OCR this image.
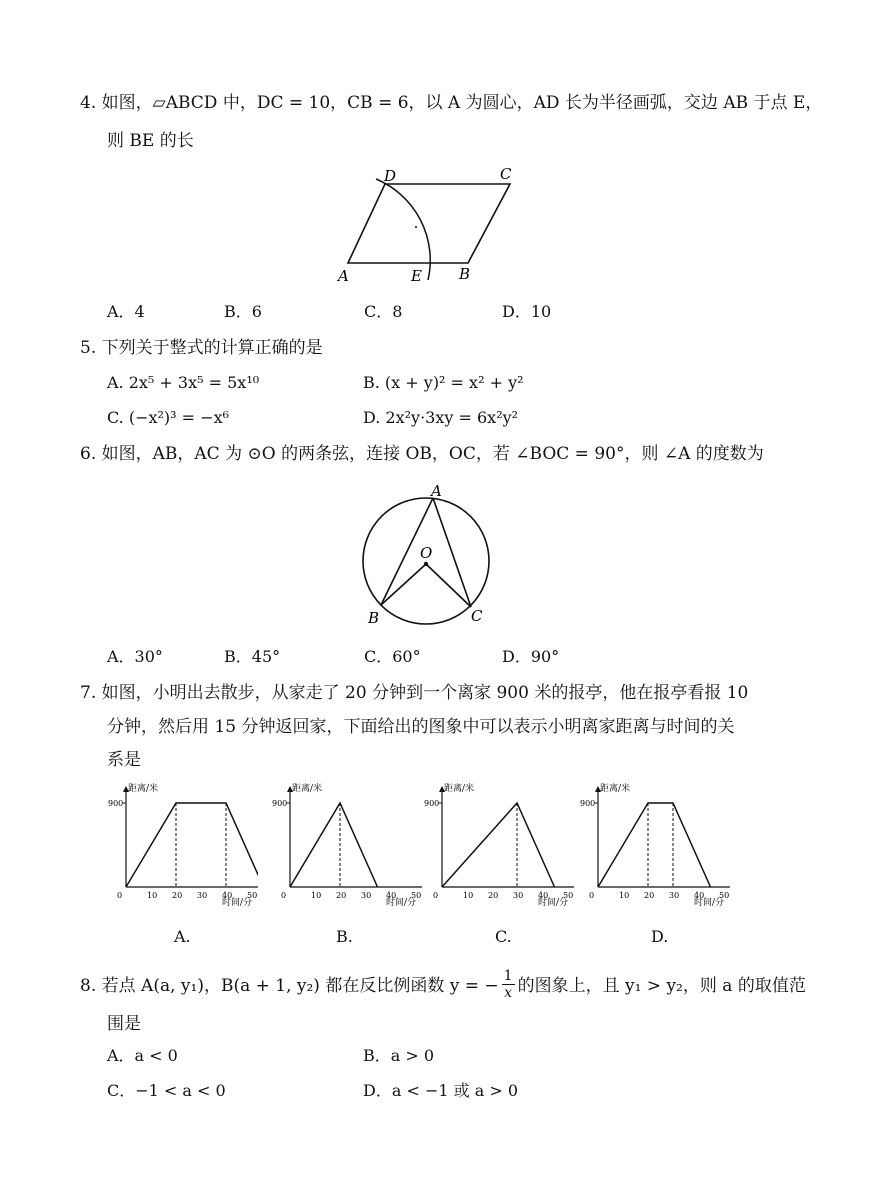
4. 如图，▱ABCD 中，DC = 10，CB = 6，以 A 为圆心，AD 长为半径画弧，交边 AB 于点 E，
则 BE 的长
D	C
A	E B
A．4	B．6	C．8	D．10
5. 下列关于整式的计算正确的是
A. 2x⁵ + 3x⁵ = 5x¹⁰	B. (x + y)² = x² + y²
C. (−x²)³ = −x⁶	D. 2x²y·3xy = 6x²y²
6. 如图，AB，AC 为 ⊙O 的两条弦，连接 OB，OC，若 ∠BOC = 90°，则 ∠A 的度数为
A
O
B	C
A．30°	B．45°	C．60°	D．90°
7. 如图，小明出去散步，从家走了 20 分钟到一个离家 900 米的报亭，他在报亭看报 10
分钟，然后用 15 分钟返回家，下面给出的图象中可以表示小明离家距离与时间的关
系是
900
距离/米
0	10 20 30 40 50
时间/分
900
距离/米
0	10 20 30 40 50
时间/分
900
距离/米
0	10 20 30 40 50
时间/分
900
距离/米
0	10 20 30 40 50
时间/分
A.	B.	C.	D.
8. 若点 A(a, y₁)，B(a + 1, y₂) 都在反比例函数 y = − $\frac{1}{x}$ 的图象上，且 y₁ > y₂，则 a 的取值范
围是
A．a < 0	B．a > 0
C．−1 < a < 0	D．a < −1 或 a > 0
